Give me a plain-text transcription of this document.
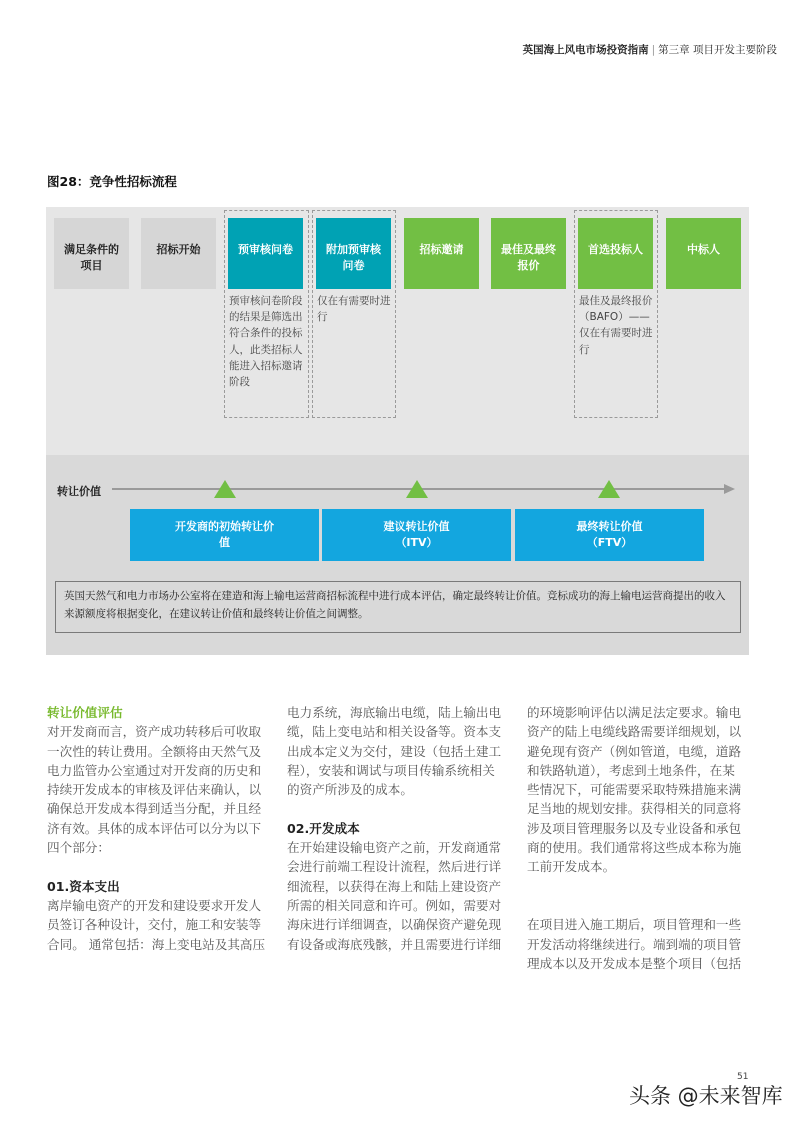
英国海上风电市场投资指南 | 第三章 项目开发主要阶段
图28：竞争性招标流程
满足条件的项目
招标开始	预审核问卷	附加预审核问卷
招标邀请	最佳及最终报价
首选投标人	中标人
预审核问卷阶段的结果是筛选出符合条件的投标人，此类招标人能进入招标邀请阶段
仅在有需要时进行
最佳及最终报价（BAFO）——仅在有需要时进行
转让价值
开发商的初始转让价值
建议转让价值（ITV）
最终转让价值（FTV）
英国天然气和电力市场办公室将在建造和海上输电运营商招标流程中进行成本评估，确定最终转让价值。竞标成功的海上输电运营商提出的收入来源额度将根据变化，在建议转让价值和最终转让价值之间调整。
转让价值评估
对开发商而言，资产成功转移后可收取
一次性的转让费用。全额将由天然气及
电力监管办公室通过对开发商的历史和
持续开发成本的审核及评估来确认，以
确保总开发成本得到适当分配，并且经
济有效。具体的成本评估可以分为以下
四个部分：
01.资本支出
离岸输电资产的开发和建设要求开发人
员签订各种设计，交付，施工和安装等
合同。 通常包括：海上变电站及其高压
电力系统，海底输出电缆，陆上输出电
缆，陆上变电站和相关设备等。资本支
出成本定义为交付，建设（包括土建工
程），安装和调试与项目传输系统相关
的资产所涉及的成本。
02.开发成本
在开始建设输电资产之前，开发商通常
会进行前端工程设计流程，然后进行详
细流程，以获得在海上和陆上建设资产
所需的相关同意和许可。例如，需要对
海床进行详细调查，以确保资产避免现
有设备或海底残骸，并且需要进行详细
的环境影响评估以满足法定要求。输电
资产的陆上电缆线路需要详细规划，以
避免现有资产（例如管道，电缆，道路
和铁路轨道），考虑到土地条件，在某
些情况下，可能需要采取特殊措施来满
足当地的规划安排。获得相关的同意将
涉及项目管理服务以及专业设备和承包
商的使用。我们通常将这些成本称为施
工前开发成本。
在项目进入施工期后，项目管理和一些
开发活动将继续进行。端到端的项目管
理成本以及开发成本是整个项目（包括
51
头条 @未来智库
